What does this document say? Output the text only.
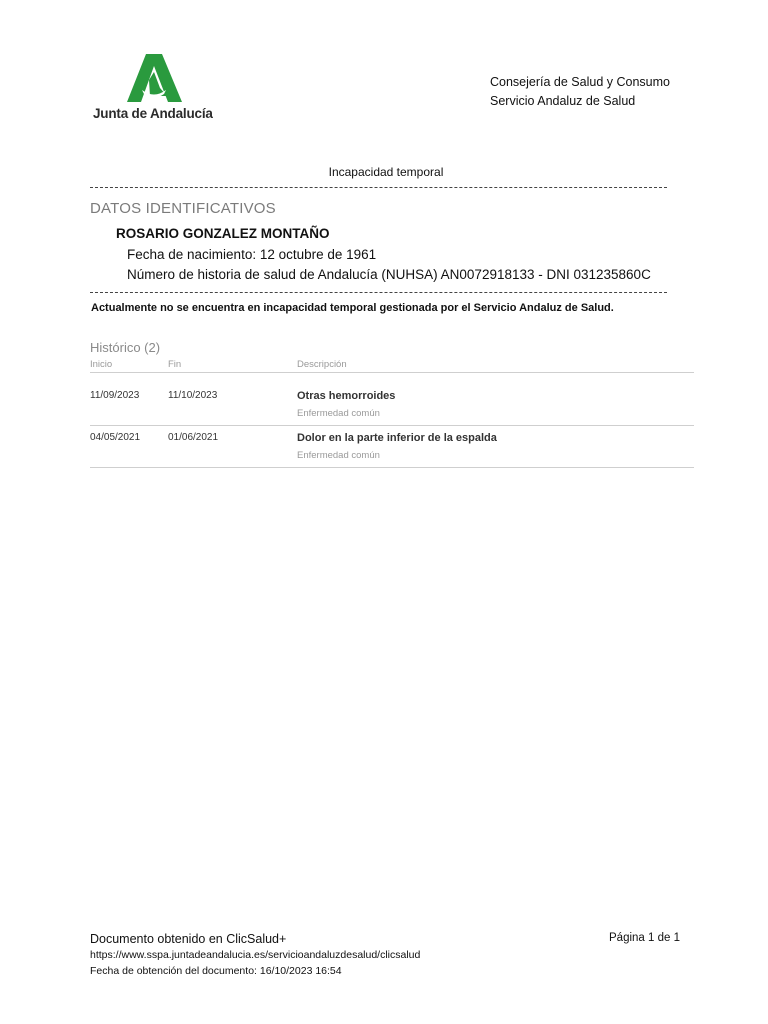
Junta de Andalucía
Consejería de Salud y Consumo
Servicio Andaluz de Salud
Incapacidad temporal
DATOS IDENTIFICATIVOS
ROSARIO GONZALEZ MONTAÑO
Fecha de nacimiento: 12 octubre de 1961
Número de historia de salud de Andalucía (NUHSA) AN0072918133 - DNI 031235860C
Actualmente no se encuentra en incapacidad temporal gestionada por el Servicio Andaluz de Salud.
Histórico (2)
Inicio	Fin	Descripción
11/09/2023	11/10/2023	Otras hemorroides
Enfermedad común
04/05/2021	01/06/2021	Dolor en la parte inferior de la espalda
Enfermedad común
Documento obtenido en ClicSalud+
https://www.sspa.juntadeandalucia.es/servicioandaluzdesalud/clicsalud
Fecha de obtención del documento: 16/10/2023 16:54
Página 1 de 1
